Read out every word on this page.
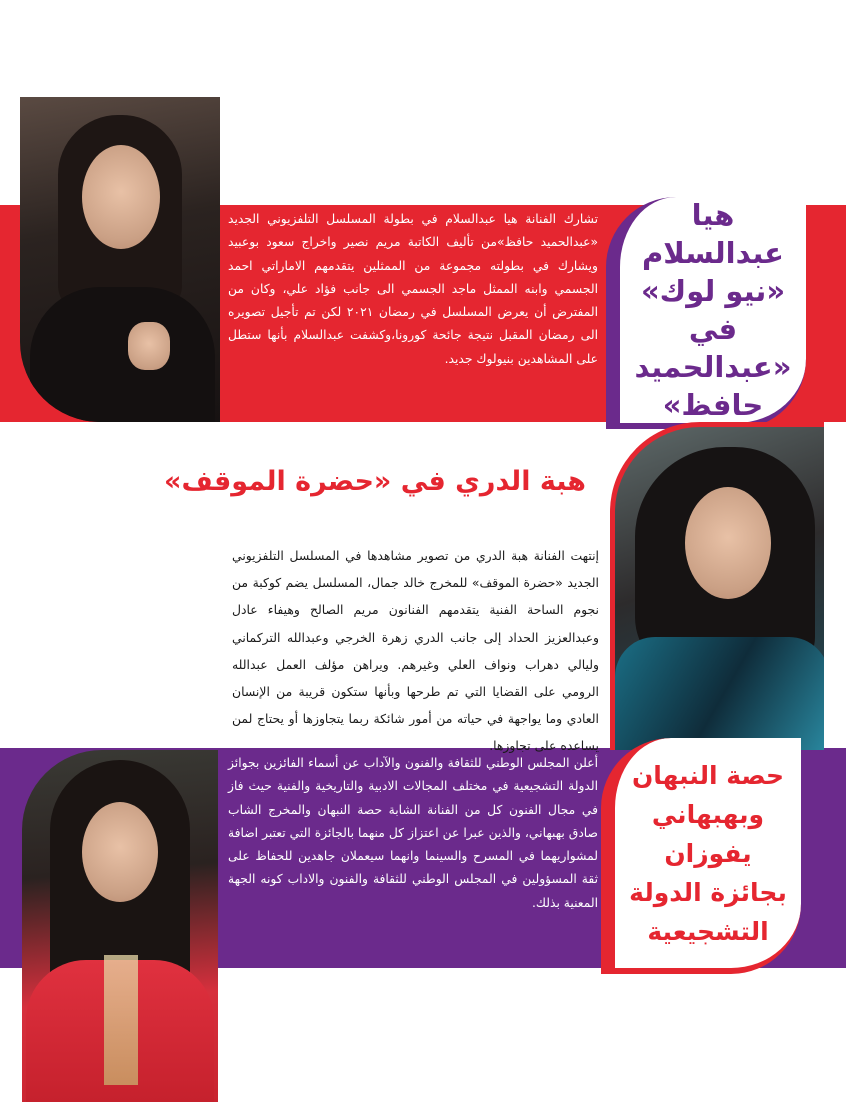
هيا عبدالسلام «نيو لوك» في «عبدالحميد حافظ»

تشارك الفنانة هيا عبدالسلام في بطولة المسلسل التلفزيوني الجديد «عبدالحميد حافظ»من تأليف الكاتبة مريم نصير واخراج سعود بوعبيد ويشارك في بطولته مجموعة من الممثلين يتقدمهم الاماراتي احمد الجسمي وابنه الممثل ماجد الجسمي الى جانب فؤاد علي، وكان من المفترض أن يعرض المسلسل في رمضان ٢٠٢١ لكن تم تأجيل تصويره الى رمضان المقبل نتيجة جائحة كورونا،وكشفت عبدالسلام بأنها ستطل على المشاهدين بنيولوك جديد.

هبة الدري في «حضرة الموقف»

إنتهت الفنانة هبة الدري من تصوير مشاهدها في المسلسل التلفزيوني الجديد «حضرة الموقف» للمخرج خالد جمال، المسلسل يضم كوكبة من نجوم الساحة الفنية يتقدمهم الفنانون مريم الصالح وهيفاء عادل وعبدالعزيز الحداد إلى جانب الدري زهرة الخرجي وعبدالله التركماني وليالي دهراب ونواف العلي وغيرهم. ويراهن مؤلف العمل عبدالله الرومي على القضايا التي تم طرحها وبأنها ستكون قريبة من الإنسان العادي وما يواجهة في حياته من أمور شائكة ربما يتجاوزها أو يحتاج لمن يساعده على تجاوزها.

حصة النبهان وبهبهاني يفوزان بجائزة الدولة التشجيعية

أعلن المجلس الوطني للثقافة والفنون والآداب عن أسماء الفائزين بجوائز الدولة التشجيعية في مختلف المجالات الادبية والتاريخية والفنية حيث فاز في مجال الفنون كل من الفنانة الشابة حصة النبهان والمخرج الشاب صادق بهبهاني، والذين عبرا عن اعتزاز كل منهما بالجائزة التي تعتبر اضافة لمشواريهما في المسرح والسينما وانهما سيعملان جاهدين للحفاظ على ثقة المسؤولين في المجلس الوطني للثقافة والفنون والاداب كونه الجهة المعنية بذلك.
